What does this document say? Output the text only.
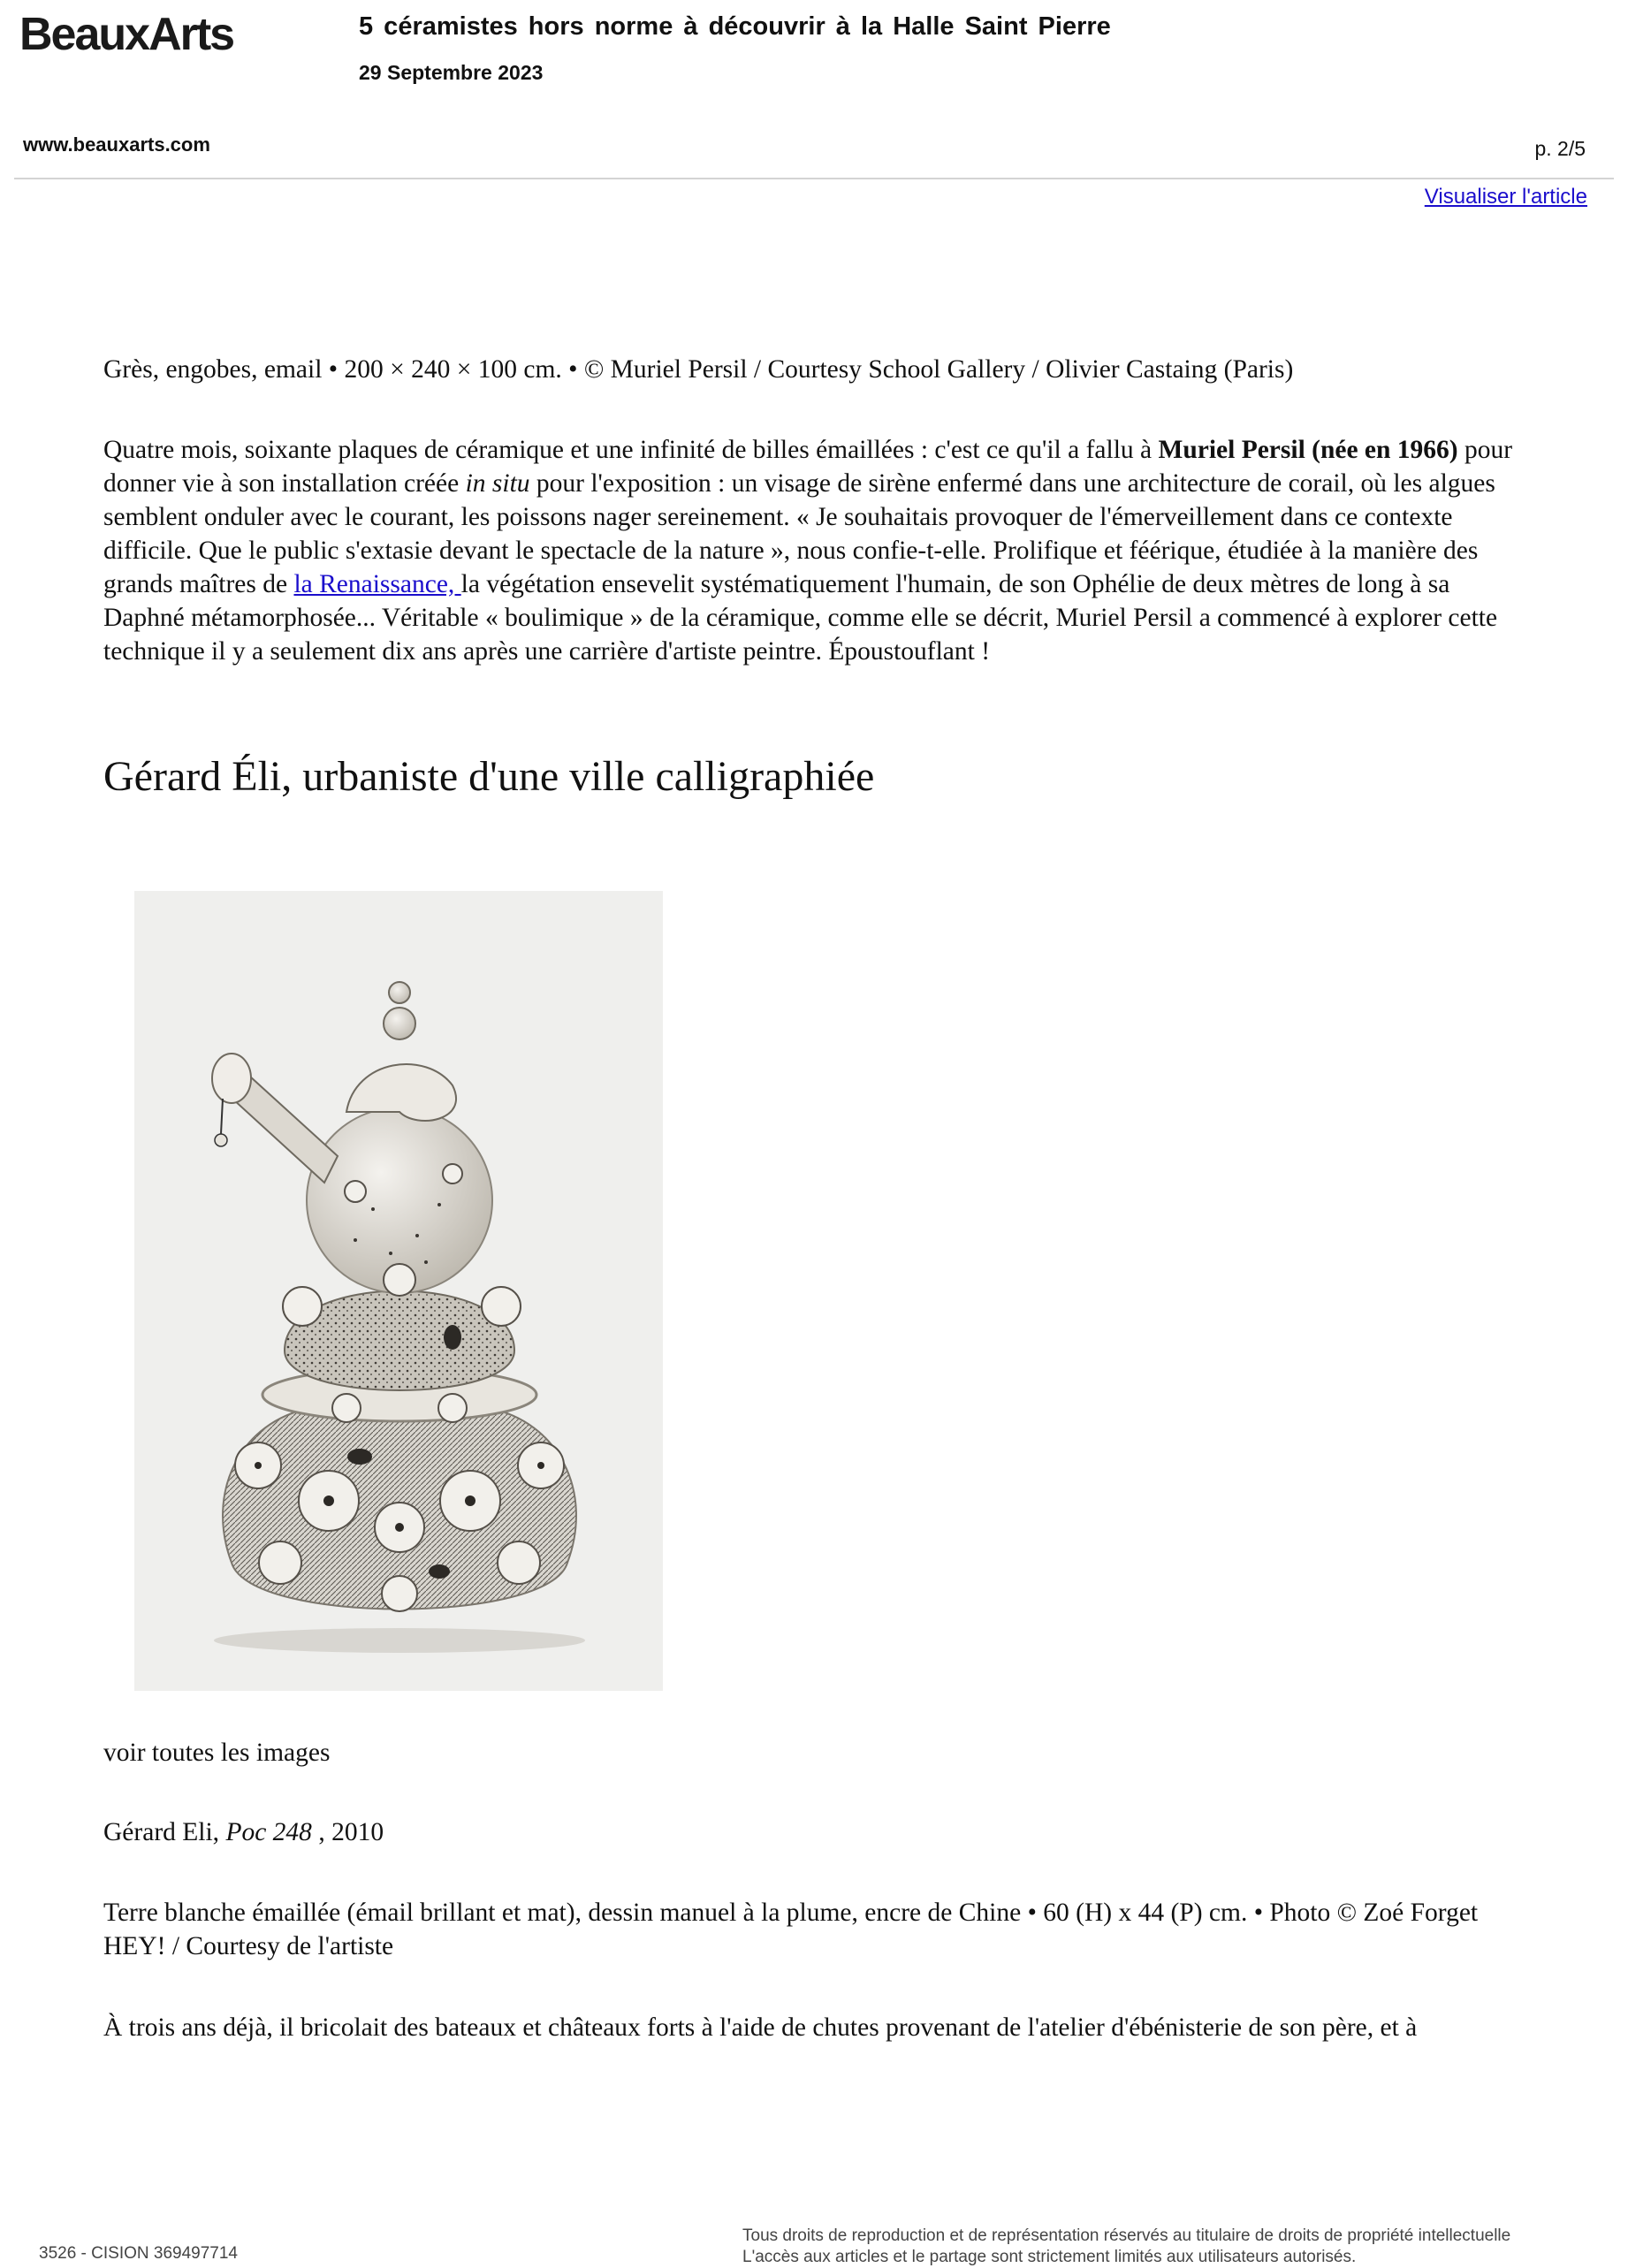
BeauxArts	5 céramistes hors norme à découvrir à la Halle Saint Pierre
29 Septembre 2023
www.beauxarts.com	p. 2/5
Visualiser l'article
Grès, engobes, email • 200 × 240 × 100 cm. • © Muriel Persil / Courtesy School Gallery / Olivier Castaing (Paris)
Quatre mois, soixante plaques de céramique et une infinité de billes émaillées : c'est ce qu'il a fallu à Muriel Persil (née en 1966) pour donner vie à son installation créée in situ pour l'exposition : un visage de sirène enfermé dans une architecture de corail, où les algues semblent onduler avec le courant, les poissons nager sereinement. « Je souhaitais provoquer de l'émerveillement dans ce contexte difficile. Que le public s'extasie devant le spectacle de la nature », nous confie-t-elle. Prolifique et féérique, étudiée à la manière des grands maîtres de la Renaissance, la végétation ensevelit systématiquement l'humain, de son Ophélie de deux mètres de long à sa Daphné métamorphosée... Véritable « boulimique » de la céramique, comme elle se décrit, Muriel Persil a commencé à explorer cette technique il y a seulement dix ans après une carrière d'artiste peintre. Époustouflant !
Gérard Éli, urbaniste d'une ville calligraphiée
voir toutes les images
Gérard Eli, Poc 248 , 2010
Terre blanche émaillée (émail brillant et mat), dessin manuel à la plume, encre de Chine • 60 (H) x 44 (P) cm. • Photo © Zoé Forget HEY! / Courtesy de l'artiste
À trois ans déjà, il bricolait des bateaux et châteaux forts à l'aide de chutes provenant de l'atelier d'ébénisterie de son père, et à
3526 - CISION 369497714
Tous droits de reproduction et de représentation réservés au titulaire de droits de propriété intellectuelle
L'accès aux articles et le partage sont strictement limités aux utilisateurs autorisés.
